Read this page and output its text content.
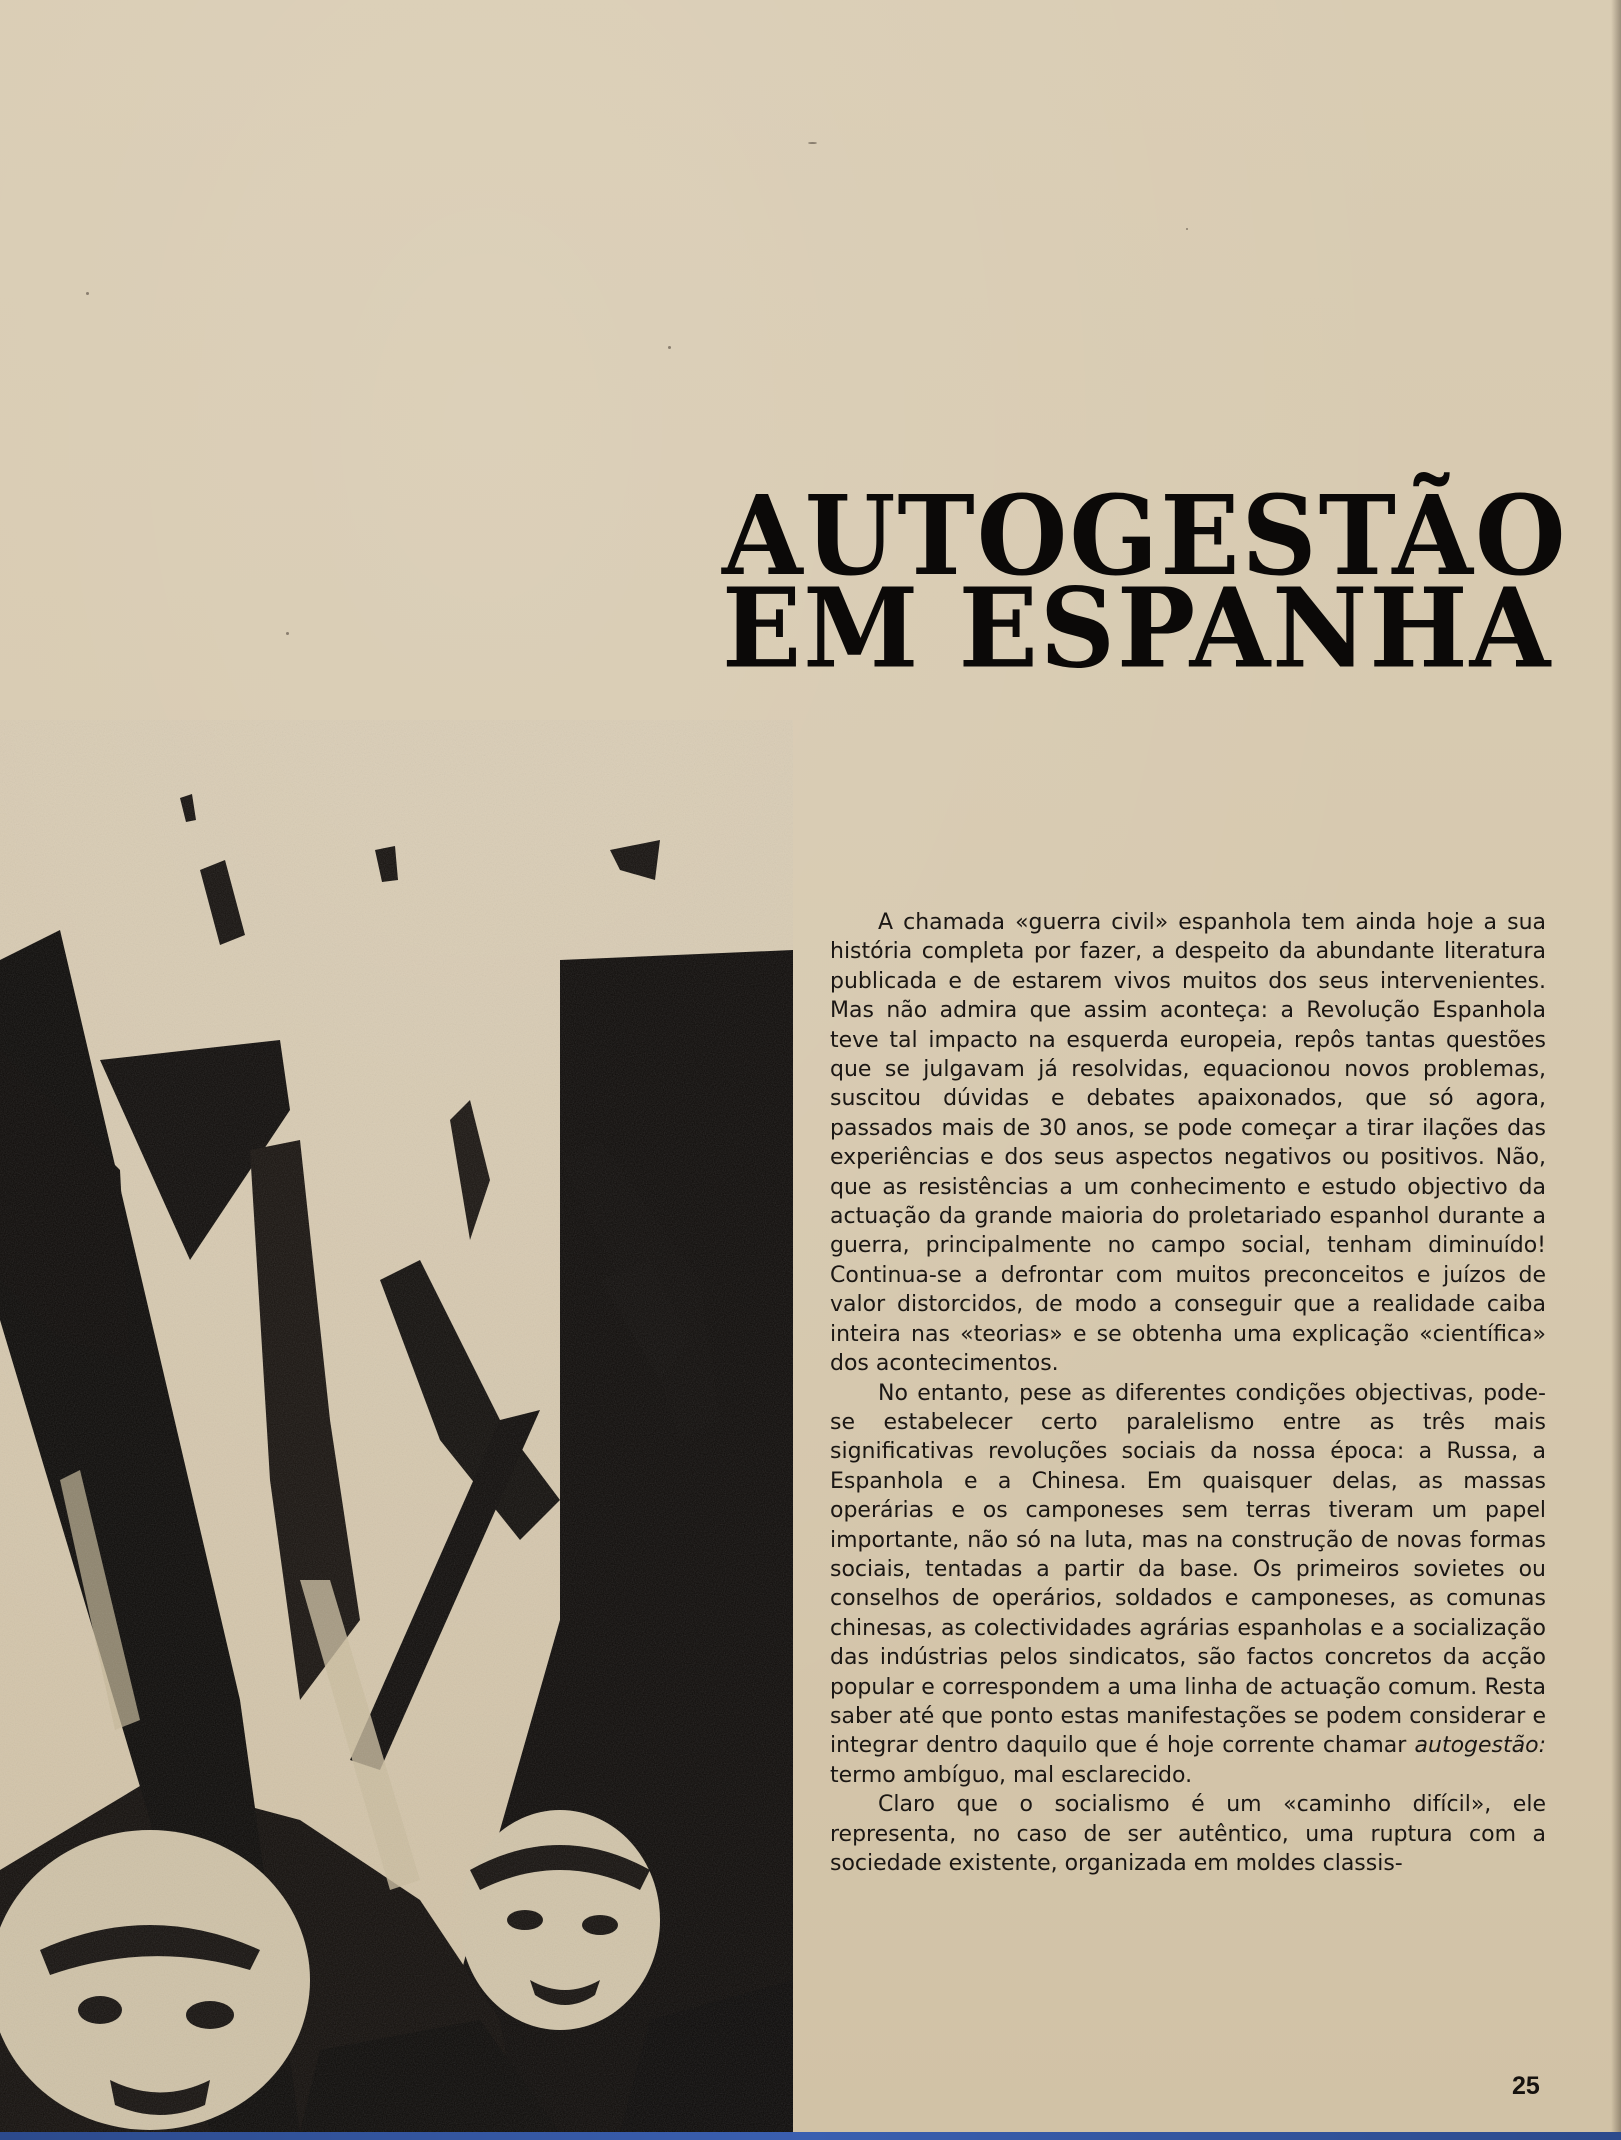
AUTOGESTÃO
EM ESPANHA

A chamada «guerra civil» espanhola tem ainda hoje a sua história completa por fazer, a despeito da abundante literatura publicada e de estarem vivos muitos dos seus intervenientes. Mas não admira que assim aconteça: a Revolução Espanhola teve tal impacto na esquerda europeia, repôs tantas questões que se julgavam já resolvidas, equacionou novos problemas, suscitou dúvidas e debates apaixonados, que só agora, passados mais de 30 anos, se pode começar a tirar ilações das experiências e dos seus aspectos negativos ou positivos. Não, que as resistências a um conhecimento e estudo objectivo da actuação da grande maioria do proletariado espanhol durante a guerra, principalmente no campo social, tenham diminuído! Continua-se a defrontar com muitos preconceitos e juízos de valor distorcidos, de modo a conseguir que a realidade caiba inteira nas «teorias» e se obtenha uma explicação «científica» dos acontecimentos.

No entanto, pese as diferentes condições objectivas, pode-se estabelecer certo paralelismo entre as três mais significativas revoluções sociais da nossa época: a Russa, a Espanhola e a Chinesa. Em quaisquer delas, as massas operárias e os camponeses sem terras tiveram um papel importante, não só na luta, mas na construção de novas formas sociais, tentadas a partir da base. Os primeiros sovietes ou conselhos de operários, soldados e camponeses, as comunas chinesas, as colectividades agrárias espanholas e a socialização das indústrias pelos sindicatos, são factos concretos da acção popular e correspondem a uma linha de actuação comum. Resta saber até que ponto estas manifestações se podem considerar e integrar dentro daquilo que é hoje corrente chamar autogestão: termo ambíguo, mal esclarecido.

Claro que o socialismo é um «caminho difícil», ele representa, no caso de ser autêntico, uma ruptura com a sociedade existente, organizada em moldes classis-

25
